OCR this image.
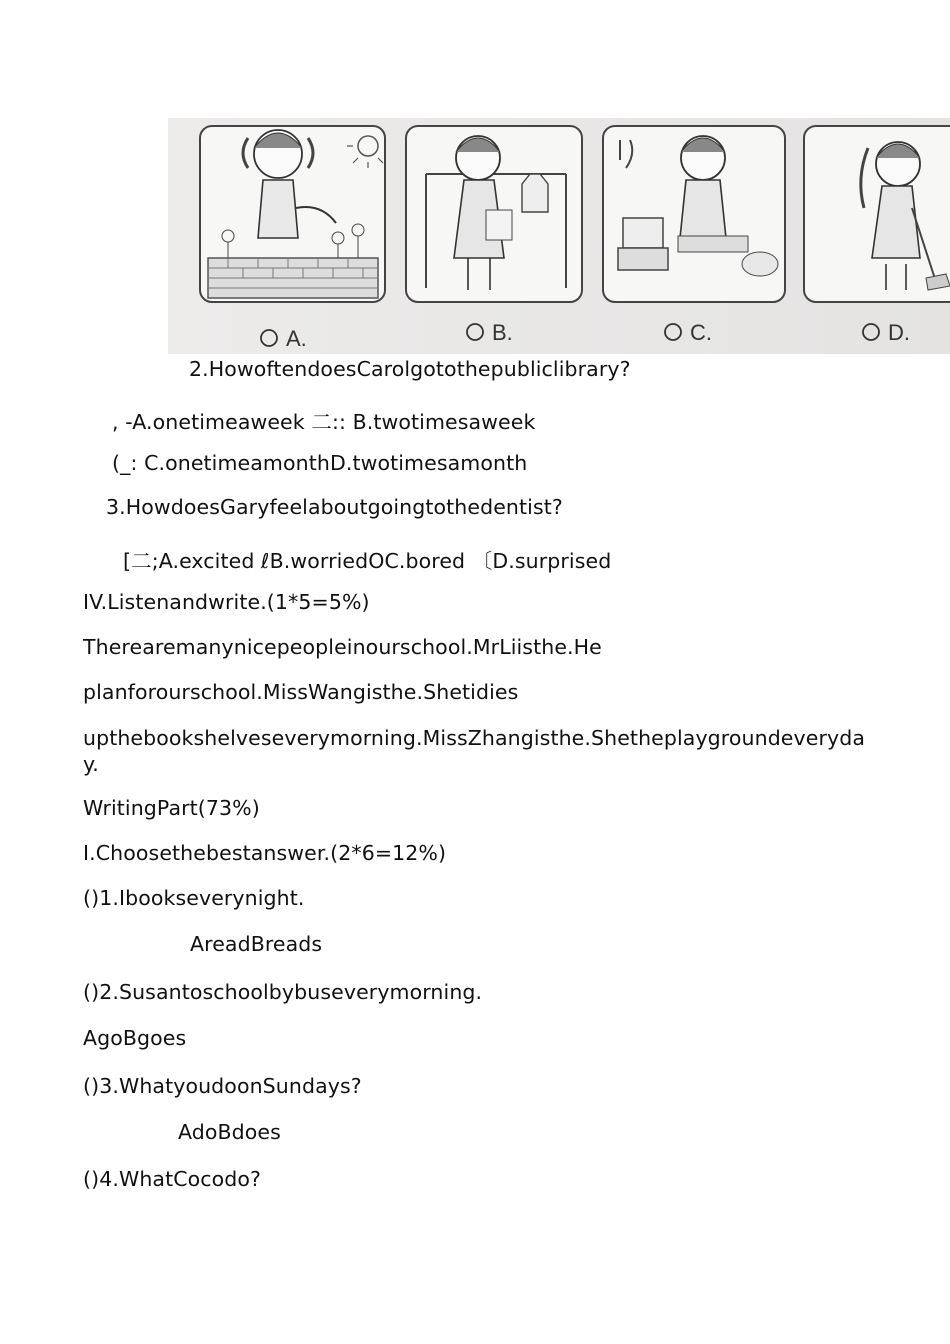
A.	B.	C.	D.
2.HowoftendoesCarolgotothepubliclibrary?
, -A.onetimeaweek 二:: B.twotimesaweek
(_: C.onetimeamonthD.twotimesamonth
3.HowdoesGaryfeelaboutgoingtothedentist?
[二;A.excited ℓB.worriedOC.bored 〔D.surprised
IV.Listenandwrite.(1*5=5%)
Therearemanynicepeopleinourschool.MrLiisthe.He
planforourschool.MissWangisthe.Shetidies
upthebookshelveseverymorning.MissZhangisthe.Shetheplaygroundeveryday.
WritingPart(73%)
I.Choosethebestanswer.(2*6=12%)
()1.Ibookseverynight.
AreadBreads
()2.Susantoschoolbybuseverymorning.
AgoBgoes
()3.WhatyoudoonSundays?
AdoBdoes
()4.WhatCocodo?
